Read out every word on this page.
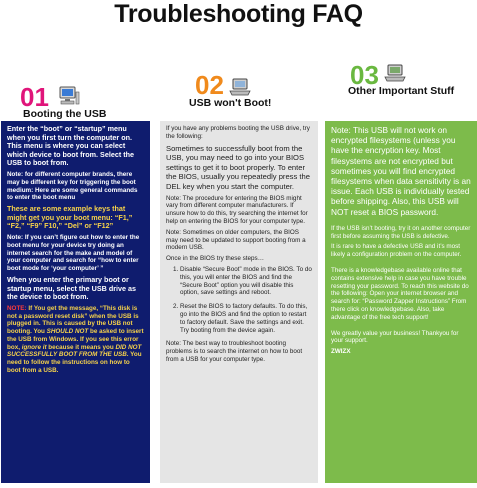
Troubleshooting FAQ
01
Booting the USB
02
USB won't Boot!
03
Other Important Stuff

Enter the “boot” or “startup” menu when you first turn the computer on. This menu is where you can select which device to boot from. Select the USB to boot from.

Note: for different computer brands, there may be different key for triggering the boot medium: Here are some general commands to enter the boot menu

These are some example keys that might get you your boot menu: “F1,” “F2,” “F9” F10,” “Del” or “F12”

Note: If you can’t figure out how to enter the boot menu for your device try doing an internet search for the make and model of your computer and search for “how to enter boot mode for ‘your computer’ ”

When you enter the primary boot or startup menu, select the USB drive as the device to boot from.

NOTE: If You get the message, “This disk is not a password reset disk” when the USB is plugged in. This is caused by the USB not booting. You SHOULD NOT be asked to insert the USB from Windows. If you see this error box, ignore it because it means you DID NOT SUCCESSFULLY BOOT FROM THE USB. You need to follow the instructions on how to boot from a USB.

If you have any problems booting the USB drive, try the following:

Sometimes to successfully boot from the USB, you may need to go into your BIOS settings to get it to boot properly. To enter the BIOS, usually you repeatedly press the DEL key when you start the computer.

Note: The procedure for entering the BIOS might vary from different computer manufacturers. If unsure how to do this, try searching the internet for help on entering the BIOS for your computer type.

Note: Sometimes on older computers, the BIOS may need to be updated to support booting from a modern USB.

Once in the BIOS try these steps…

1. Disable “Secure Boot” mode in the BIOS. To do this, you will enter the BIOS and find the “Secure Boot” option you will disable this option, save settings and reboot.
2. Reset the BIOS to factory defaults. To do this, go into the BIOS and find the option to restart to factory default. Save the settings and exit. Try booting from the device again.

Note: The best way to troubleshoot booting problems is to search the internet on how to boot from a USB for your computer type.

Note: This USB will not work on encrypted filesystems (unless you have the encryption key. Most filesystems are not encrypted but sometimes you will find encrypted filesystems when data sensitivity is an issue. Each USB is individually tested before shipping. Also, this USB will NOT reset a BIOS password.

If the USB isn’t booting, try it on another computer first before assuming the USB is defective.

It is rare to have a defective USB and it’s most likely a configuration problem on the computer.

There is a knowledgebase available online that contains extensive help in case you have trouble resetting your password. To reach this website do the following: Open your internet browser and search for: “Password Zapper Instructions” From there click on knowledgebase. Also, take advantage of the free tech support!

We greatly value your business! Thankyou for your support.

ZWIZX
